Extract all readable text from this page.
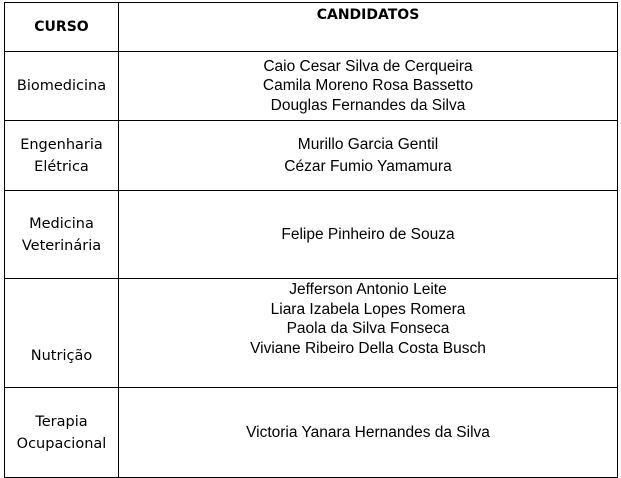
CURSO	CANDIDATOS

Biomedicina	Caio Cesar Silva de Cerqueira
Camila Moreno Rosa Bassetto
Douglas Fernandes da Silva

Engenharia
Elétrica	Murillo Garcia Gentil
Cézar Fumio Yamamura

Medicina
Veterinária	Felipe Pinheiro de Souza

Nutrição	Jefferson Antonio Leite
Liara Izabela Lopes Romera
Paola da Silva Fonseca
Viviane Ribeiro Della Costa Busch

Terapia
Ocupacional	Victoria Yanara Hernandes da Silva
